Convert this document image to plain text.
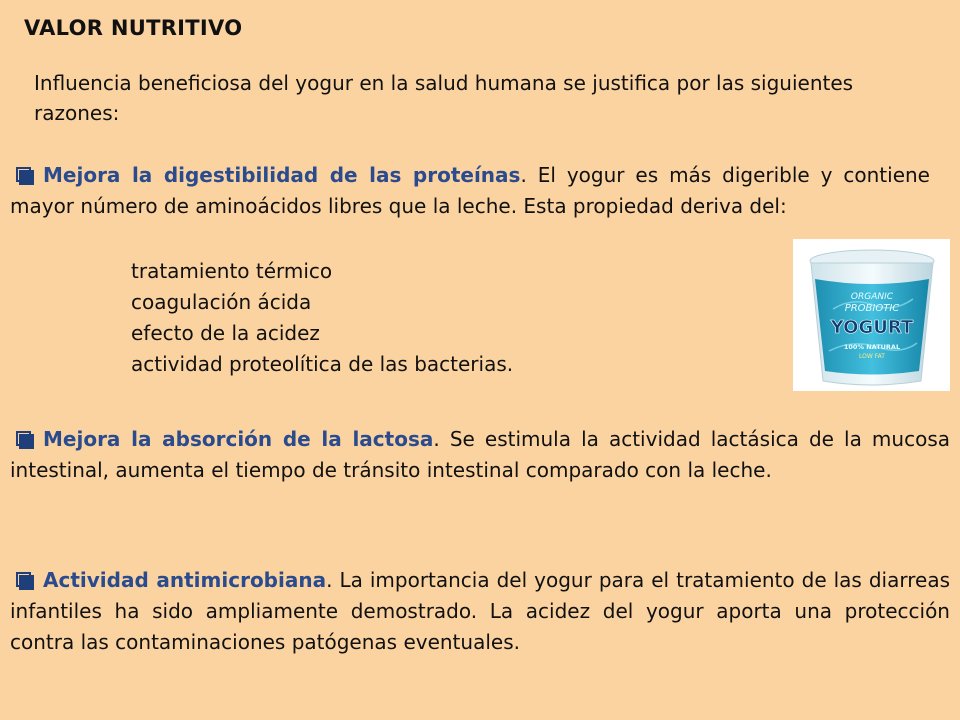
VALOR NUTRITIVO
Influencia beneficiosa del yogur en la salud humana se justifica por las siguientes razones:
Mejora la digestibilidad de las proteínas. El yogur es más digerible y contiene mayor número de aminoácidos libres que la leche. Esta propiedad deriva del:
tratamiento térmico
coagulación ácida
efecto de la acidez
actividad proteolítica de las bacterias.
ORGANIC
PROBIOTIC
YOGURT
100% NATURAL
LOW FAT
Mejora la absorción de la lactosa. Se estimula la actividad lactásica de la mucosa intestinal, aumenta el tiempo de tránsito intestinal comparado con la leche.
Actividad antimicrobiana. La importancia del yogur para el tratamiento de las diarreas infantiles ha sido ampliamente demostrado. La acidez del yogur aporta una protección contra las contaminaciones patógenas eventuales.
